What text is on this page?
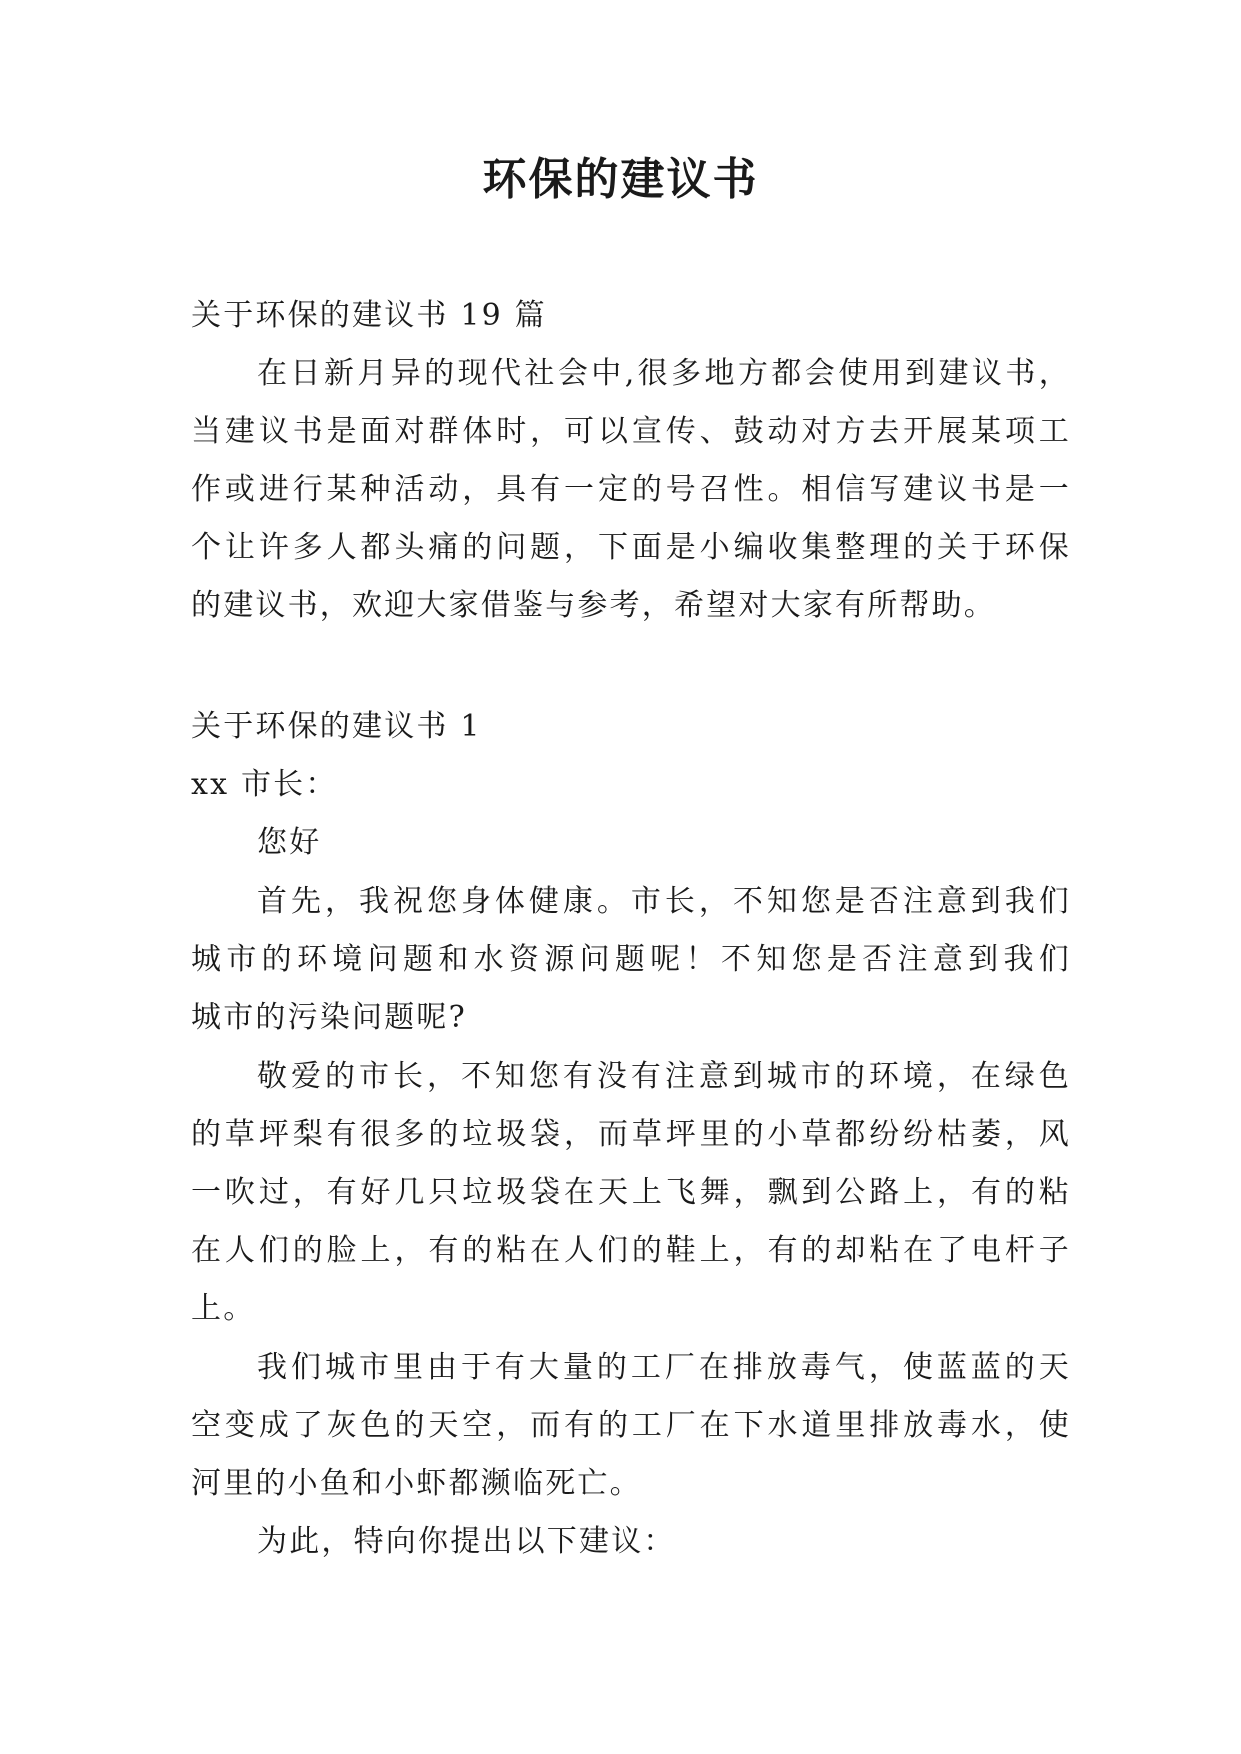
环保的建议书
关于环保的建议书 19 篇
在日新月异的现代社会中,很多地方都会使用到建议书，
当建议书是面对群体时，可以宣传、鼓动对方去开展某项工
作或进行某种活动，具有一定的号召性。相信写建议书是一
个让许多人都头痛的问题，下面是小编收集整理的关于环保
的建议书，欢迎大家借鉴与参考，希望对大家有所帮助。
关于环保的建议书 1
xx 市长：
您好
首先，我祝您身体健康。市长，不知您是否注意到我们
城市的环境问题和水资源问题呢！不知您是否注意到我们
城市的污染问题呢?
敬爱的市长，不知您有没有注意到城市的环境，在绿色
的草坪梨有很多的垃圾袋，而草坪里的小草都纷纷枯萎，风
一吹过，有好几只垃圾袋在天上飞舞，飘到公路上，有的粘
在人们的脸上，有的粘在人们的鞋上，有的却粘在了电杆子
上。
我们城市里由于有大量的工厂在排放毒气，使蓝蓝的天
空变成了灰色的天空，而有的工厂在下水道里排放毒水，使
河里的小鱼和小虾都濒临死亡。
为此，特向你提出以下建议：
